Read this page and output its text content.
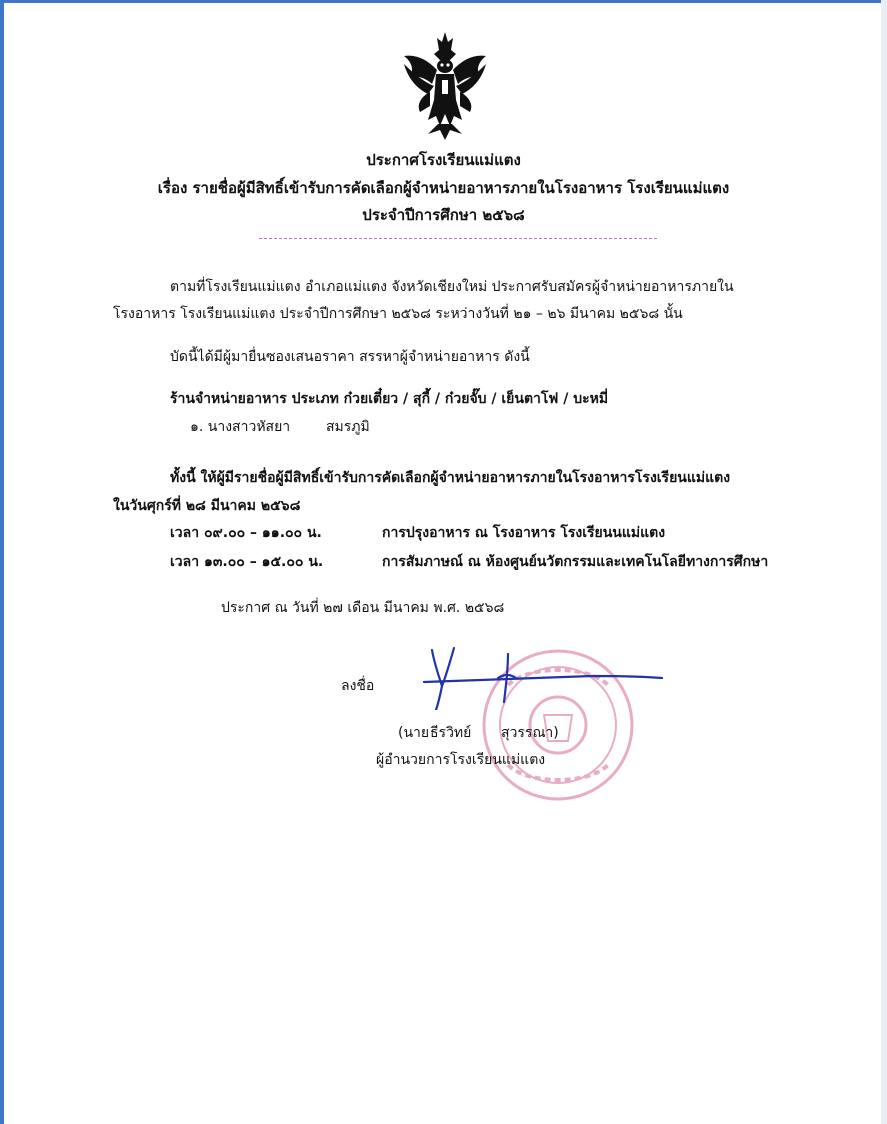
ประกาศโรงเรียนแม่แตง
เรื่อง รายชื่อผู้มีสิทธิ์เข้ารับการคัดเลือกผู้จำหน่ายอาหารภายในโรงอาหาร โรงเรียนแม่แตง
ประจำปีการศึกษา ๒๕๖๘
ตามที่โรงเรียนแม่แตง อำเภอแม่แตง จังหวัดเชียงใหม่ ประกาศรับสมัครผู้จำหน่ายอาหารภายใน
โรงอาหาร โรงเรียนแม่แตง ประจำปีการศึกษา ๒๕๖๘ ระหว่างวันที่ ๒๑ – ๒๖ มีนาคม ๒๕๖๘ นั้น
บัดนี้ได้มีผู้มายื่นซองเสนอราคา สรรหาผู้จำหน่ายอาหาร ดังนี้
ร้านจำหน่ายอาหาร ประเภท ก๋วยเตี๋ยว / สุกี้ / ก๋วยจั๊บ / เย็นตาโฟ / บะหมี่
๑. นางสาวหัสยา	สมรภูมิ
ทั้งนี้ ให้ผู้มีรายชื่อผู้มีสิทธิ์เข้ารับการคัดเลือกผู้จำหน่ายอาหารภายในโรงอาหารโรงเรียนแม่แตง
ในวันศุกร์ที่ ๒๘ มีนาคม ๒๕๖๘
เวลา ๐๙.๐๐ – ๑๑.๐๐ น.	การปรุงอาหาร ณ โรงอาหาร โรงเรียนนแม่แตง
เวลา ๑๓.๐๐ – ๑๕.๐๐ น.	การสัมภาษณ์ ณ ห้องศูนย์นวัตกรรมและเทคโนโลยีทางการศึกษา
ประกาศ ณ วันที่ ๒๗ เดือน มีนาคม พ.ศ. ๒๕๖๘
ลงชื่อ
(นาย ธีรวิทย์ สุวรรณา)
ผู้อำนวยการโรงเรียนแม่แตง
